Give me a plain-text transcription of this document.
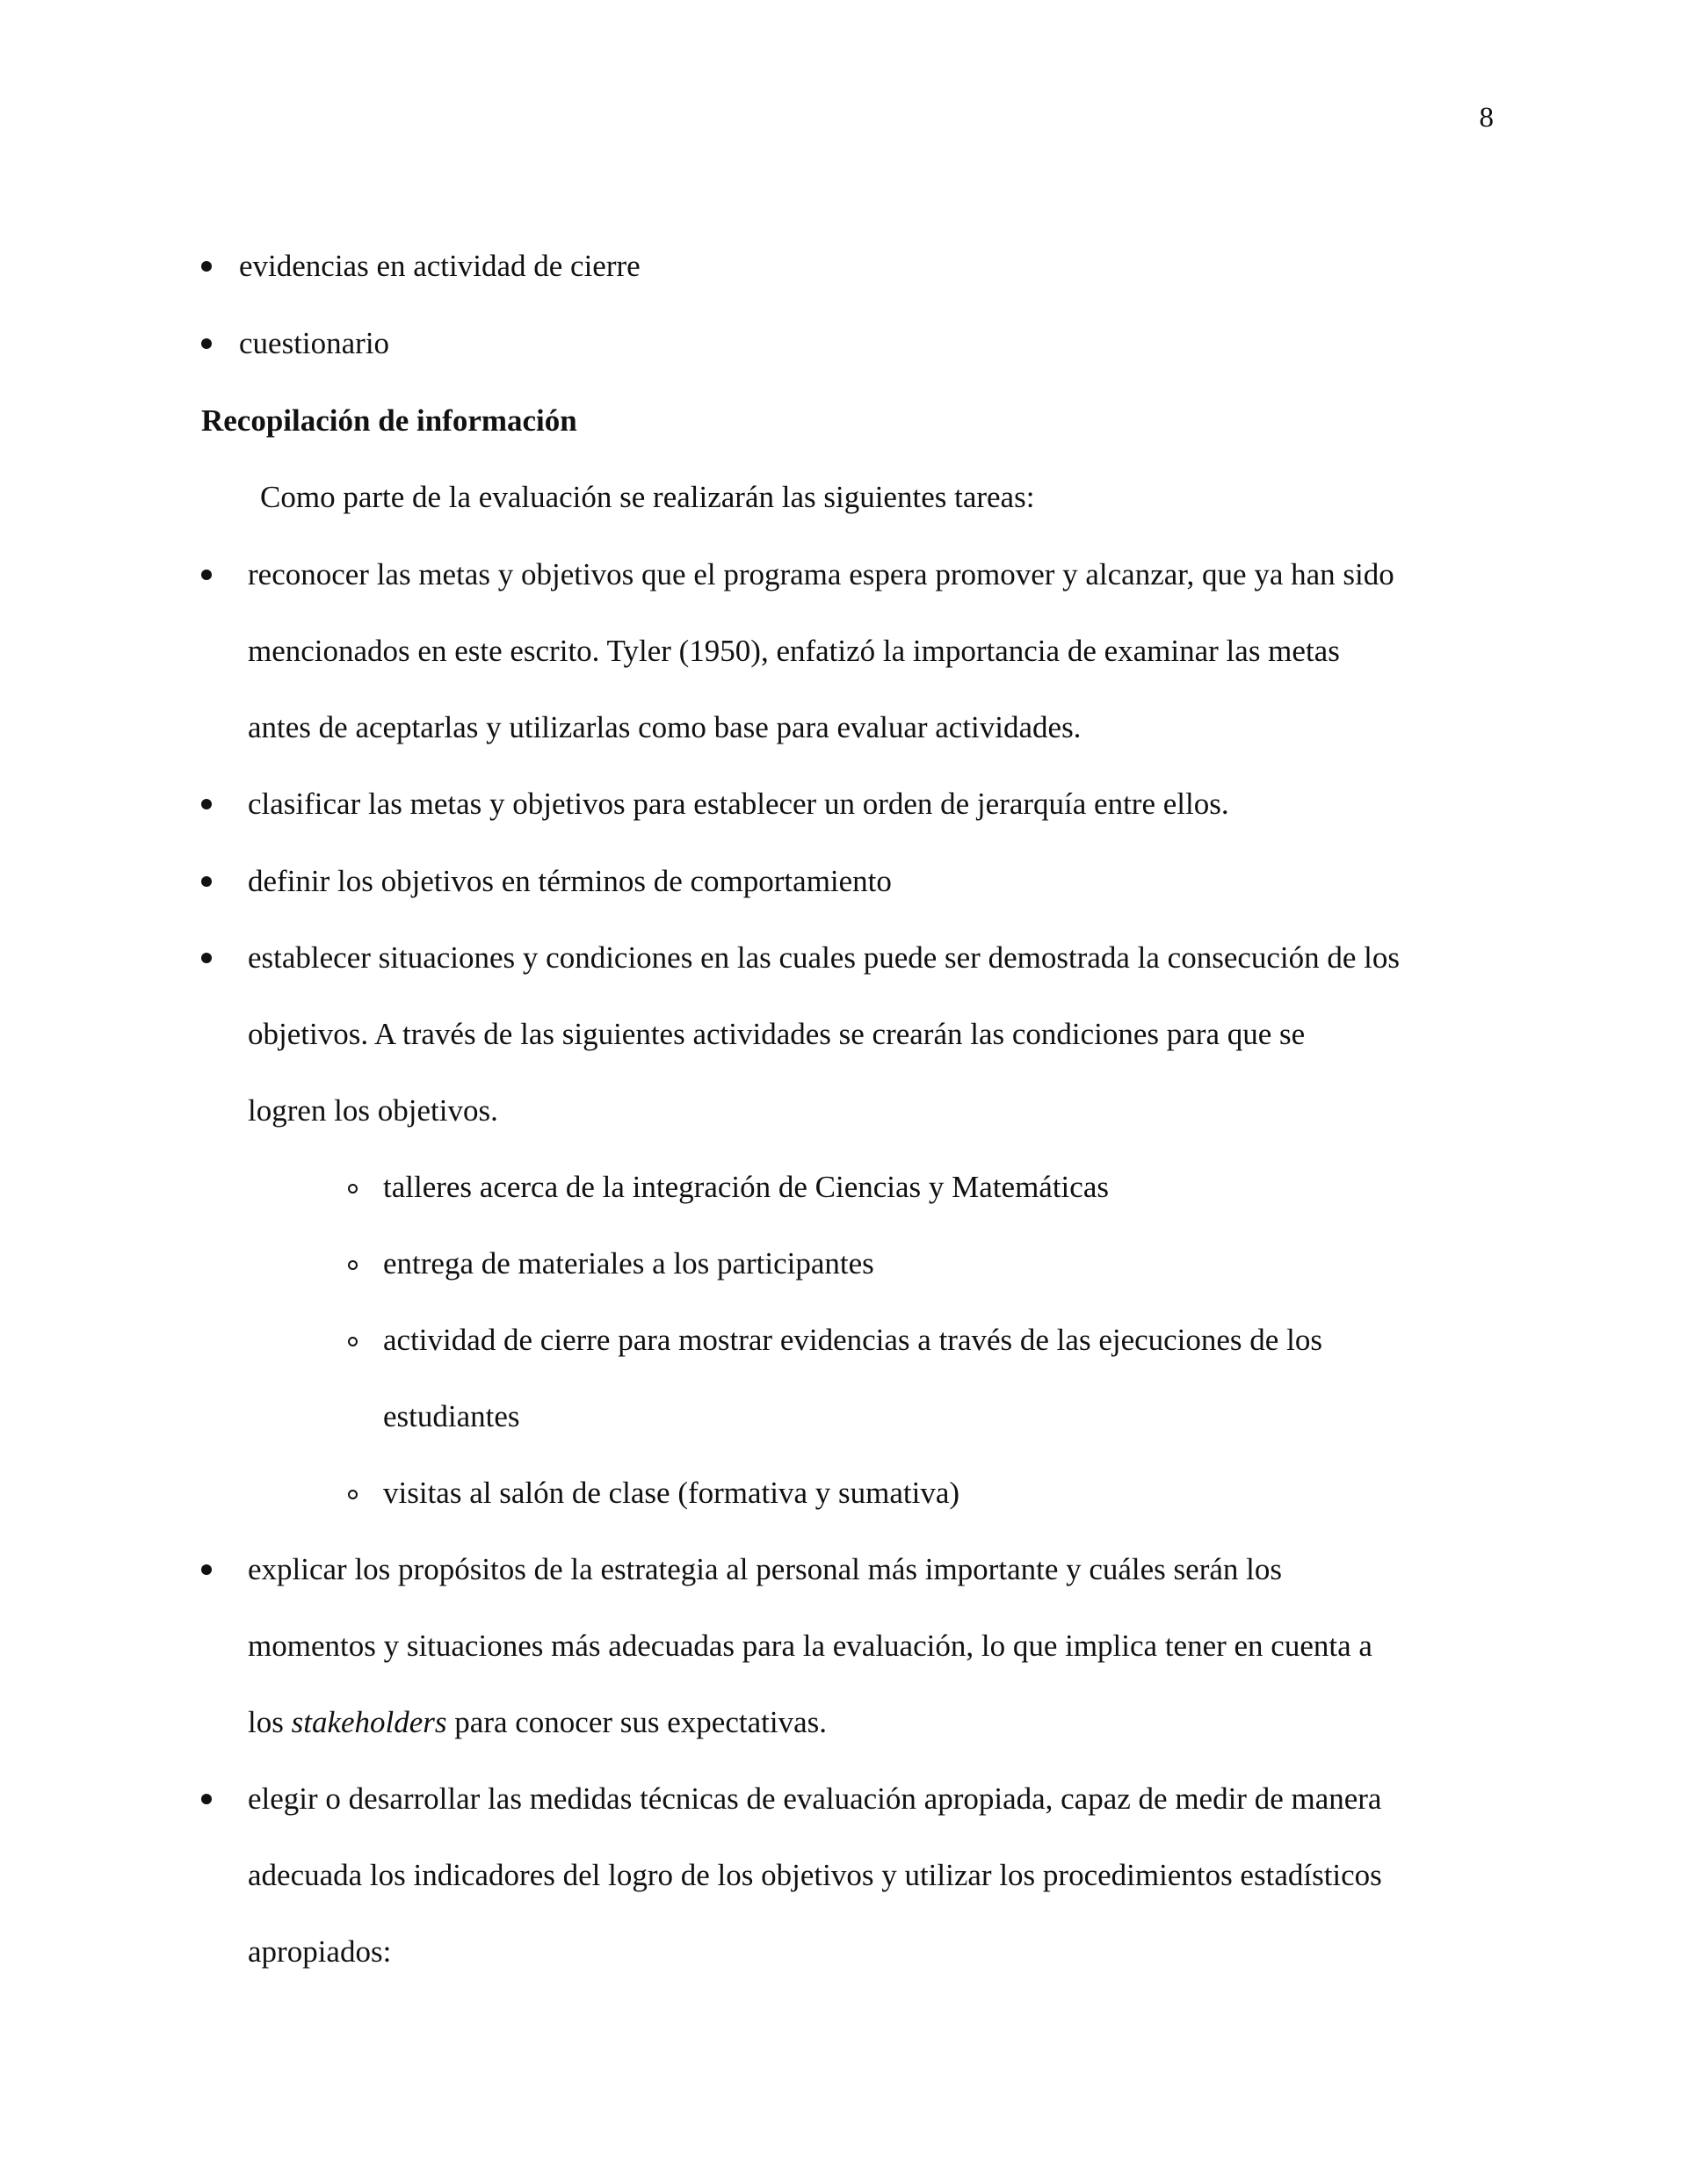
8
evidencias en actividad de cierre
cuestionario
Recopilación de información
Como parte de la evaluación se realizarán las siguientes tareas:
reconocer las metas y objetivos que el programa espera promover y alcanzar, que ya han sido
mencionados en este escrito. Tyler (1950), enfatizó la importancia de examinar las metas
antes de aceptarlas y utilizarlas como base para evaluar actividades.
clasificar las metas y objetivos para establecer un orden de jerarquía entre ellos.
definir los objetivos en términos de comportamiento
establecer situaciones y condiciones en las cuales puede ser demostrada la consecución de los
objetivos. A través de las siguientes actividades se crearán las condiciones para que se
logren los objetivos.
talleres acerca de la integración de Ciencias y Matemáticas
entrega de materiales a los participantes
actividad de cierre para mostrar evidencias a través de las ejecuciones de los
estudiantes
visitas al salón de clase (formativa y sumativa)
explicar los propósitos de la estrategia al personal más importante y cuáles serán los
momentos y situaciones más adecuadas para la evaluación, lo que implica tener en cuenta a
los stakeholders para conocer sus expectativas.
elegir o desarrollar las medidas técnicas de evaluación apropiada, capaz de medir de manera
adecuada los indicadores del logro de los objetivos y utilizar los procedimientos estadísticos
apropiados:
